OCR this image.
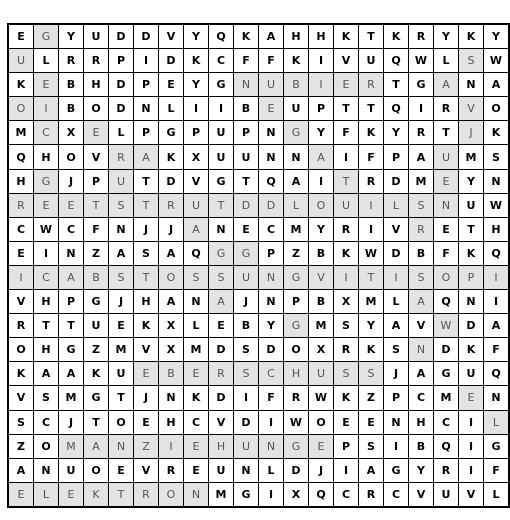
E	G	Y	U	D	D	V	Y	Q	K	A	H	H	K	T	K	R	Y	K	Y
U	L	R	R	P	I	D	K	C	F	F	K	I	V	U	Q	W	L	S	W
K	E	B	H	D	P	E	Y	G	N	U	B	I	E	R	T	G	A	N	A
O	I	B	O	D	N	L	I	I	B	E	U	P	T	T	Q	I	R	V	O
M	C	X	E	L	P	G	P	U	P	N	G	Y	F	K	Y	R	T	J	K
Q	H	O	V	R	A	K	X	U	U	N	N	A	I	F	P	A	U	M	S
H	G	J	P	U	T	D	V	G	T	Q	A	I	T	R	D	M	E	Y	N
R	E	E	T	S	T	R	U	T	D	D	L	O	U	I	L	S	N	U	W
C	W	C	F	N	J	J	A	N	E	C	M	Y	R	I	V	R	E	T	H
E	I	N	Z	A	S	A	Q	G	G	P	Z	B	K	W	D	B	F	K	Q
I	C	A	B	S	T	O	S	S	U	N	G	V	I	T	I	S	O	P	I
V	H	P	G	J	H	A	N	A	J	N	P	B	X	M	L	A	Q	N	I
R	T	T	U	E	K	X	L	E	B	Y	G	M	S	Y	A	V	W	D	A
O	H	G	Z	M	V	X	M	D	S	D	O	X	R	K	S	N	D	K	F
K	A	A	K	U	E	B	E	R	S	C	H	U	S	S	J	A	G	U	Q
V	S	M	G	T	J	N	K	D	I	F	R	W	K	Z	P	C	M	E	N
S	C	J	T	O	E	H	C	V	D	I	W	O	E	E	N	H	C	I	L
Z	O	M	A	N	Z	I	E	H	U	N	G	E	P	S	I	B	Q	I	G
A	N	U	O	E	V	R	E	U	N	L	D	J	I	A	G	Y	R	I	F
E	L	E	K	T	R	O	N	M	G	I	X	Q	C	R	C	V	U	V	L
